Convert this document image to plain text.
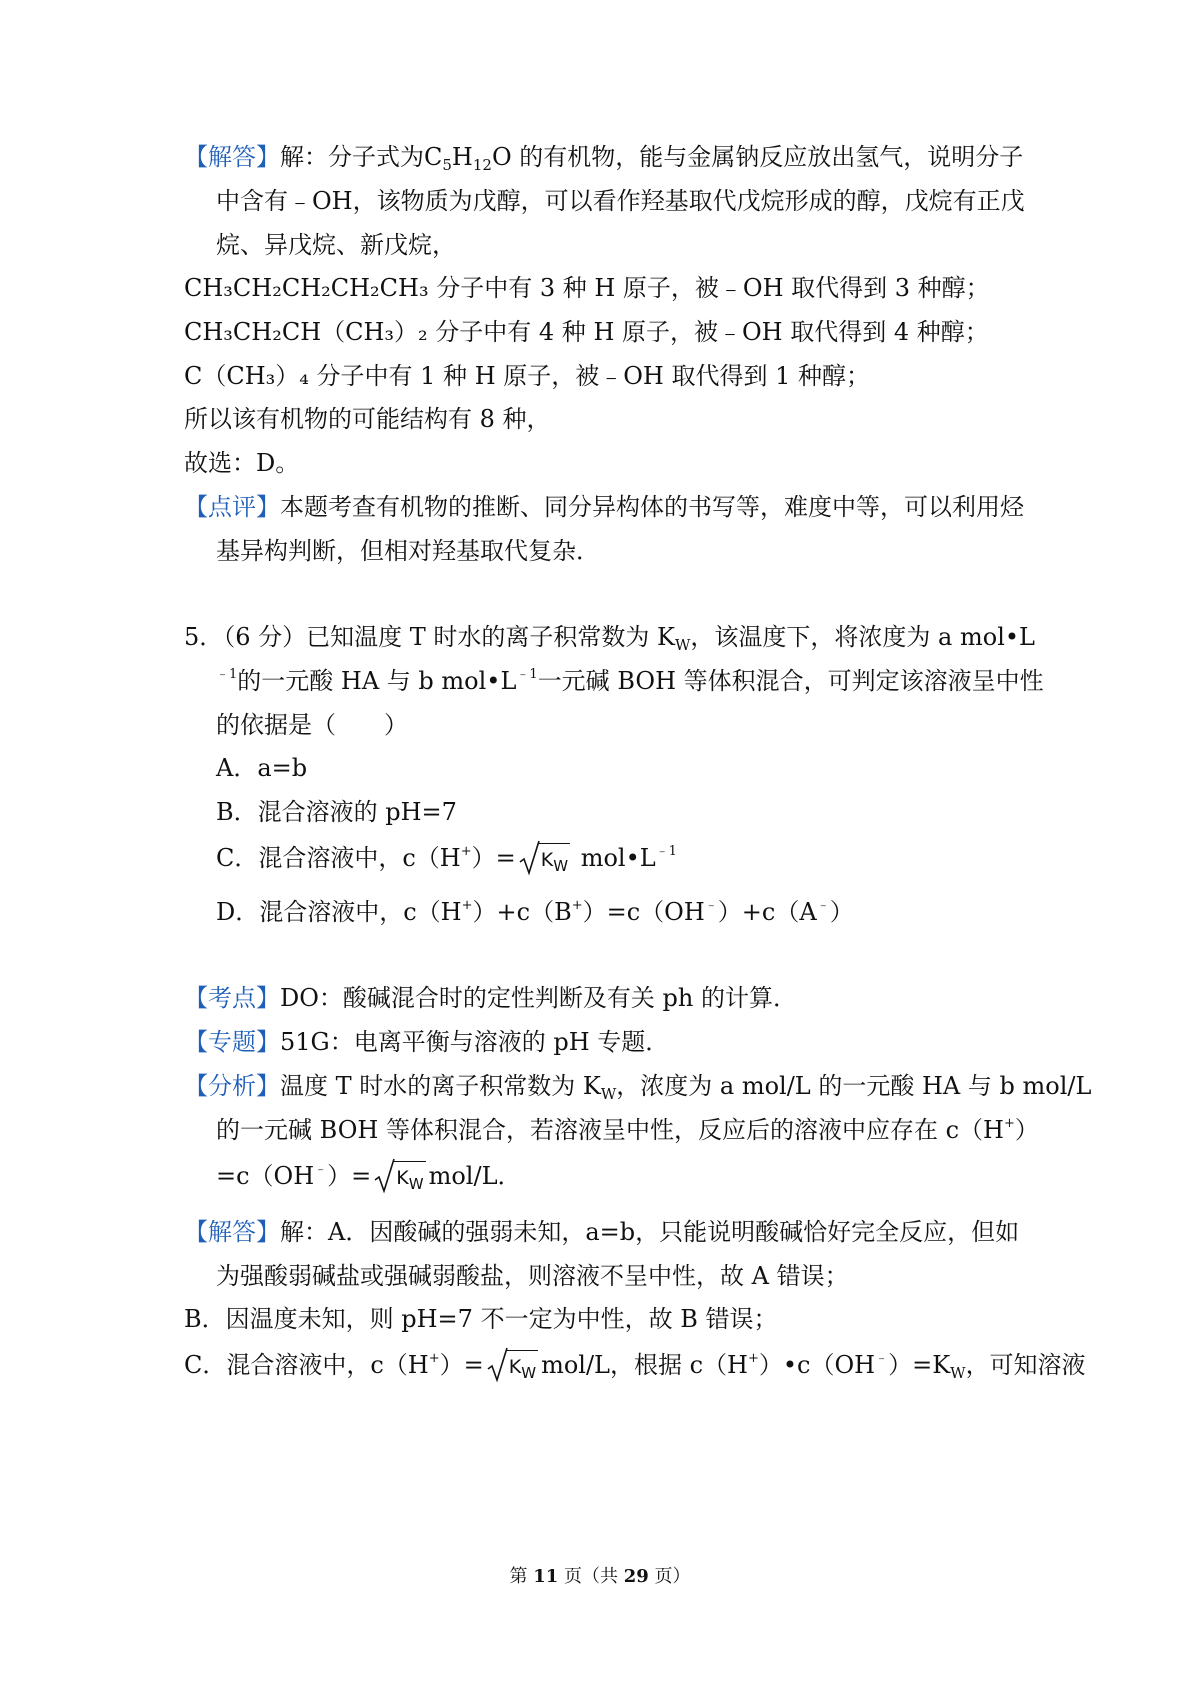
【解答】解：分子式为$C_5H_{12}O$ 的有机物，能与金属钠反应放出氢气，说明分子
中含有﹣OH，该物质为戊醇，可以看作羟基取代戊烷形成的醇，戊烷有正戊
烷、异戊烷、新戊烷，
CH₃CH₂CH₂CH₂CH₃ 分子中有 3 种 H 原子，被﹣OH 取代得到 3 种醇；
CH₃CH₂CH（CH₃）₂ 分子中有 4 种 H 原子，被﹣OH 取代得到 4 种醇；
C（CH₃）₄ 分子中有 1 种 H 原子，被﹣OH 取代得到 1 种醇；
所以该有机物的可能结构有 8 种，
故选：D。
【点评】本题考查有机物的推断、同分异构体的书写等，难度中等，可以利用烃
基异构判断，但相对羟基取代复杂．
5．（6 分）已知温度 T 时水的离子积常数为 $K_W$，该温度下，将浓度为 a mol•L
$^{﹣1}$的一元酸 HA 与 b $mol•L^{﹣1}$一元碱 BOH 等体积混合，可判定该溶液呈中性
的依据是（　　）
A．a=b
B．混合溶液的 pH=7
C．混合溶液中，$c(H^+)= K_W$ $mol•L^{﹣1}$
D．混合溶液中，c（H+）+c（B+）=c（OH﹣）+c（A﹣）
【考点】DO：酸碱混合时的定性判断及有关 ph 的计算．
【专题】51G：电离平衡与溶液的 pH 专题．
【分析】温度 T 时水的离子积常数为 $K_W$，浓度为 a mol/L 的一元酸 HA 与 b mol/L
的一元碱 BOH 等体积混合，若溶液呈中性，反应后的溶液中应存在 c（H+）
$=c(OH^﹣)= K_W$ mol/L．
【解答】解：A．因酸碱的强弱未知，a=b，只能说明酸碱恰好完全反应，但如
为强酸弱碱盐或强碱弱酸盐，则溶液不呈中性，故 A 错误；
B．因温度未知，则 pH=7 不一定为中性，故 B 错误；
C．混合溶液中，$c(H^+)= K_W$ mol/L，根据 $c(H^+)•c(OH^﹣)=K_W$，可知溶液
第 11 页（共 29 页）
